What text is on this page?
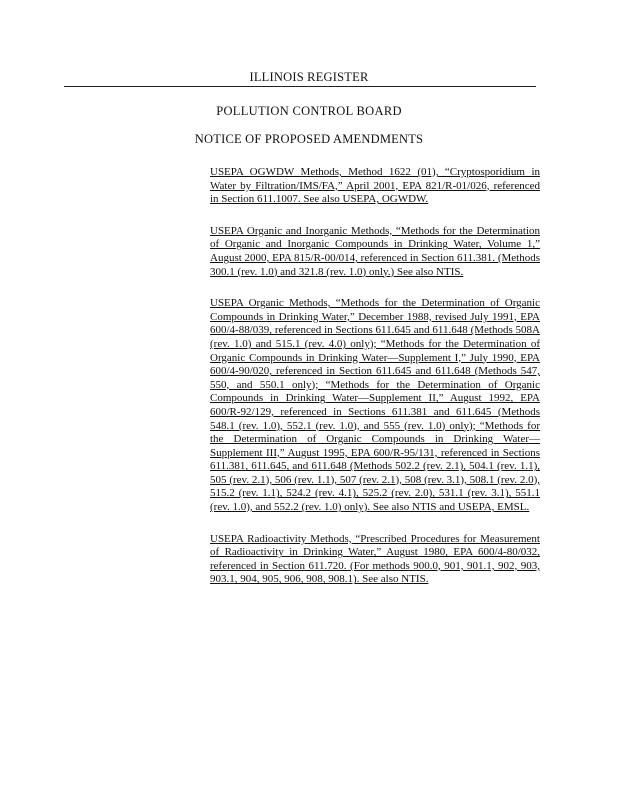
ILLINOIS REGISTER
POLLUTION CONTROL BOARD
NOTICE OF PROPOSED AMENDMENTS

USEPA OGWDW Methods, Method 1622 (01), “Cryptosporidium in Water by Filtration/IMS/FA,” April 2001, EPA 821/R-01/026, referenced in Section 611.1007. See also USEPA, OGWDW.

USEPA Organic and Inorganic Methods, “Methods for the Determination of Organic and Inorganic Compounds in Drinking Water, Volume 1,” August 2000, EPA 815/R-00/014, referenced in Section 611.381. (Methods 300.1 (rev. 1.0) and 321.8 (rev. 1.0) only.) See also NTIS.

USEPA Organic Methods, “Methods for the Determination of Organic Compounds in Drinking Water,” December 1988, revised July 1991, EPA 600/4-88/039, referenced in Sections 611.645 and 611.648 (Methods 508A (rev. 1.0) and 515.1 (rev. 4.0) only); “Methods for the Determination of Organic Compounds in Drinking Water—Supplement I,” July 1990, EPA 600/4-90/020, referenced in Section 611.645 and 611.648 (Methods 547, 550, and 550.1 only); “Methods for the Determination of Organic Compounds in Drinking Water—Supplement II,” August 1992, EPA 600/R-92/129, referenced in Sections 611.381 and 611.645 (Methods 548.1 (rev. 1.0), 552.1 (rev. 1.0), and 555 (rev. 1.0) only); “Methods for the Determination of Organic Compounds in Drinking Water—Supplement III,” August 1995, EPA 600/R-95/131, referenced in Sections 611.381, 611.645, and 611.648 (Methods 502.2 (rev. 2.1), 504.1 (rev. 1.1), 505 (rev. 2.1), 506 (rev. 1.1), 507 (rev. 2.1), 508 (rev. 3.1), 508.1 (rev. 2.0), 515.2 (rev. 1.1), 524.2 (rev. 4.1), 525.2 (rev. 2.0), 531.1 (rev. 3.1), 551.1 (rev. 1.0), and 552.2 (rev. 1.0) only). See also NTIS and USEPA, EMSL.

USEPA Radioactivity Methods, “Prescribed Procedures for Measurement of Radioactivity in Drinking Water,” August 1980, EPA 600/4-80/032, referenced in Section 611.720. (For methods 900.0, 901, 901.1, 902, 903, 903.1, 904, 905, 906, 908, 908.1). See also NTIS.
